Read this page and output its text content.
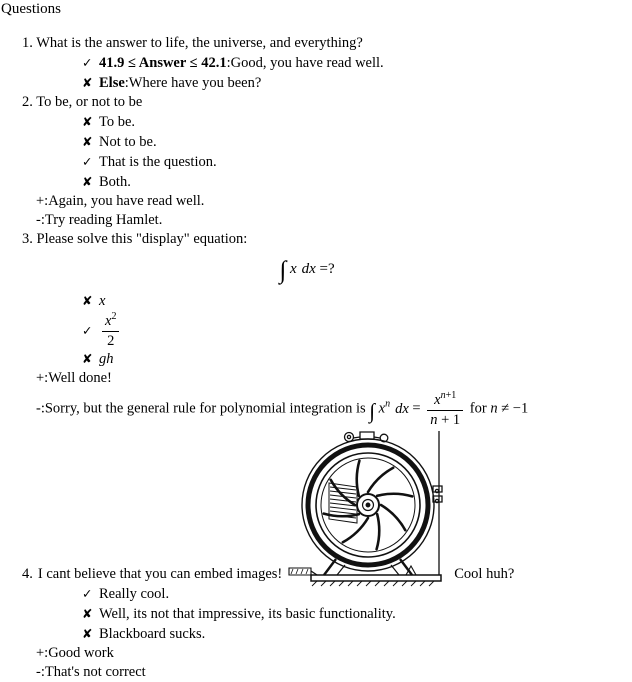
Questions
1. What is the answer to life, the universe, and everything?
✓ 41.9 ≤ Answer ≤ 42.1:Good, you have read well.
✘ Else:Where have you been?
2. To be, or not to be
✘ To be.
✘ Not to be.
✓ That is the question.
✘ Both.
+:Again, you have read well.
-:Try reading Hamlet.
3. Please solve this "display" equation:
∫ x dx =?
✘ x
✓ $\frac{x^2}{2}$
✘ gh
+:Well done!
-:Sorry, but the general rule for polynomial integration is ∫ $x^n$ dx = $\frac{x^{n+1}}{n + 1}$ for n ≠ −1
4. I cant believe that you can embed images!	Cool huh?
✓ Really cool.
✘ Well, its not that impressive, its basic functionality.
✘ Blackboard sucks.
+:Good work
-:That's not correct
